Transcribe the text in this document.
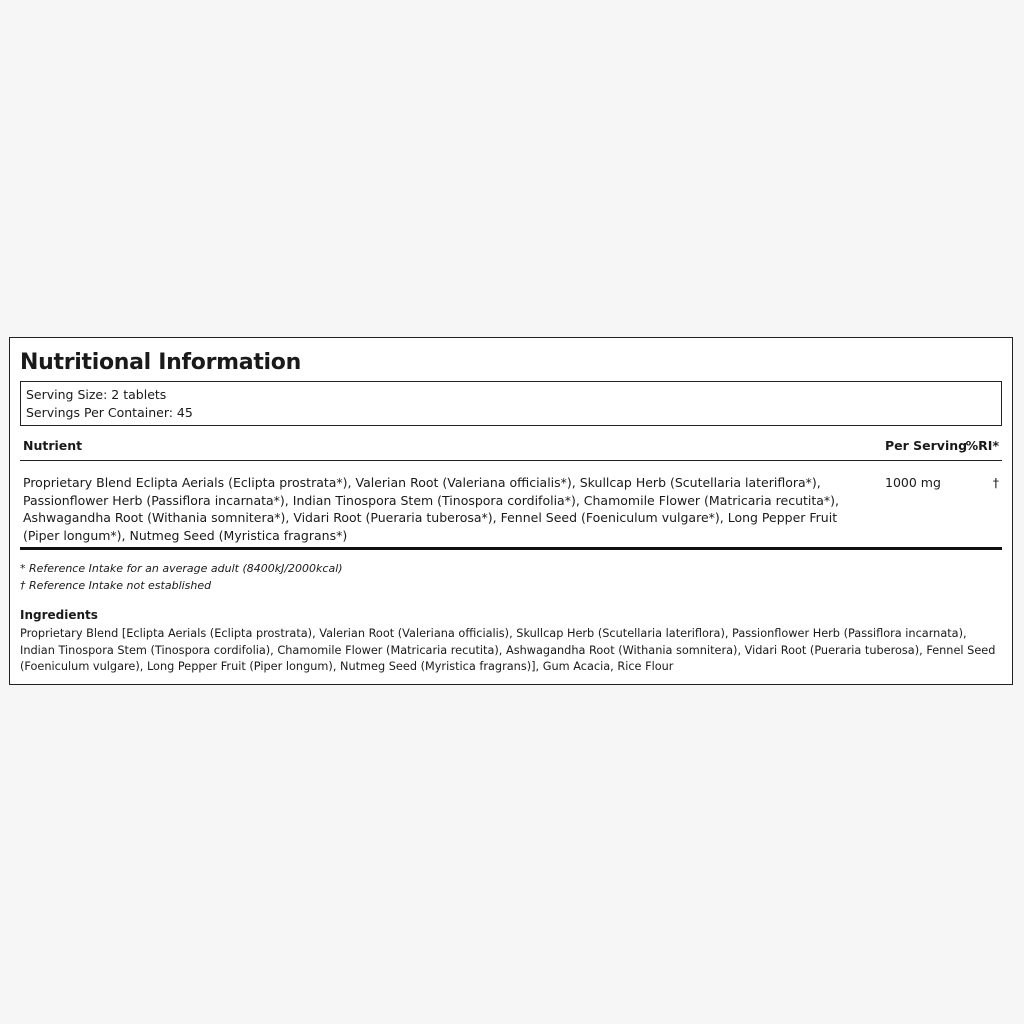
Nutritional Information
Serving Size: 2 tablets
Servings Per Container: 45
Nutrient	Per Serving
%RI*
Proprietary Blend Eclipta Aerials (Eclipta prostrata*), Valerian Root (Valeriana officialis*), Skullcap Herb (Scutellaria lateriflora*), Passionflower Herb (Passiflora incarnata*), Indian Tinospora Stem (Tinospora cordifolia*), Chamomile Flower (Matricaria recutita*), Ashwagandha Root (Withania somnitera*), Vidari Root (Pueraria tuberosa*), Fennel Seed (Foeniculum vulgare*), Long Pepper Fruit (Piper longum*), Nutmeg Seed (Myristica fragrans*)
1000 mg	†
* Reference Intake for an average adult (8400kJ/2000kcal)
† Reference Intake not established
Ingredients
Proprietary Blend [Eclipta Aerials (Eclipta prostrata), Valerian Root (Valeriana officialis), Skullcap Herb (Scutellaria lateriflora), Passionflower Herb (Passiflora incarnata), Indian Tinospora Stem (Tinospora cordifolia), Chamomile Flower (Matricaria recutita), Ashwagandha Root (Withania somnitera), Vidari Root (Pueraria tuberosa), Fennel Seed (Foeniculum vulgare), Long Pepper Fruit (Piper longum), Nutmeg Seed (Myristica fragrans)], Gum Acacia, Rice Flour
